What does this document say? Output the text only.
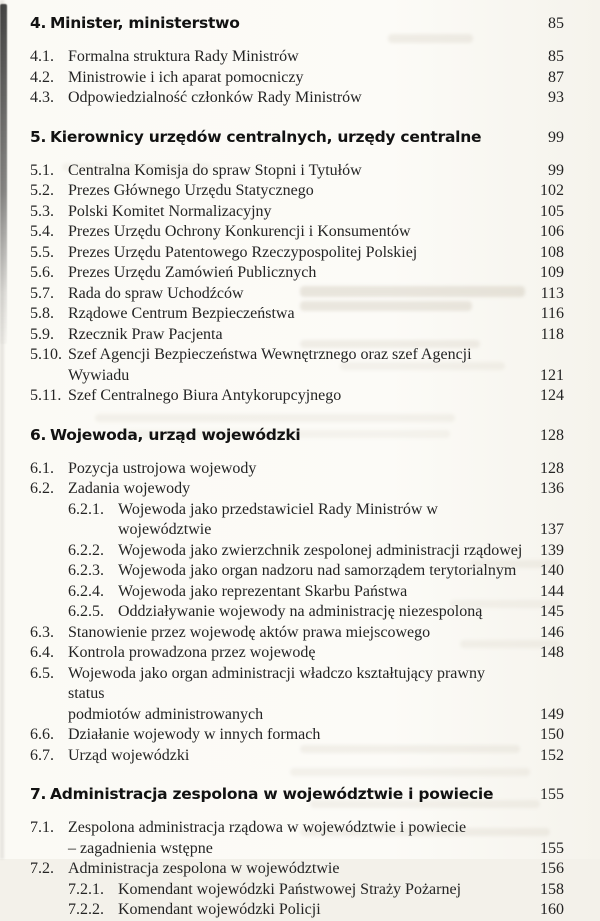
4. Minister, ministerstwo	85
4.1. Formalna struktura Rady Ministrów	85
4.2. Ministrowie i ich aparat pomocniczy	87
4.3. Odpowiedzialność członków Rady Ministrów	93
5. Kierownicy urzędów centralnych, urzędy centralne	99
5.1. Centralna Komisja do spraw Stopni i Tytułów	99
5.2. Prezes Głównego Urzędu Statycznego	102
5.3. Polski Komitet Normalizacyjny	105
5.4. Prezes Urzędu Ochrony Konkurencji i Konsumentów	106
5.5. Prezes Urzędu Patentowego Rzeczypospolitej Polskiej	108
5.6. Prezes Urzędu Zamówień Publicznych	109
5.7. Rada do spraw Uchodźców	113
5.8. Rządowe Centrum Bezpieczeństwa	116
5.9. Rzecznik Praw Pacjenta	118
5.10. Szef Agencji Bezpieczeństwa Wewnętrznego oraz szef Agencji Wywiadu	121
5.11. Szef Centralnego Biura Antykorupcyjnego	124
6. Wojewoda, urząd wojewódzki	128
6.1. Pozycja ustrojowa wojewody	128
6.2. Zadania wojewody	136
6.2.1. Wojewoda jako przedstawiciel Rady Ministrów w województwie	137
6.2.2. Wojewoda jako zwierzchnik zespolonej administracji rządowej	139
6.2.3. Wojewoda jako organ nadzoru nad samorządem terytorialnym	140
6.2.4. Wojewoda jako reprezentant Skarbu Państwa	144
6.2.5. Oddziaływanie wojewody na administrację niezespoloną	145
6.3. Stanowienie przez wojewodę aktów prawa miejscowego	146
6.4. Kontrola prowadzona przez wojewodę	148
6.5. Wojewoda jako organ administracji władczo kształtujący prawny status
podmiotów administrowanych	149
6.6. Działanie wojewody w innych formach	150
6.7. Urząd wojewódzki	152
7. Administracja zespolona w województwie i powiecie	155
7.1. Zespolona administracja rządowa w województwie i powiecie
– zagadnienia wstępne	155
7.2. Administracja zespolona w województwie	156
7.2.1. Komendant wojewódzki Państwowej Straży Pożarnej	158
7.2.2. Komendant wojewódzki Policji	160
